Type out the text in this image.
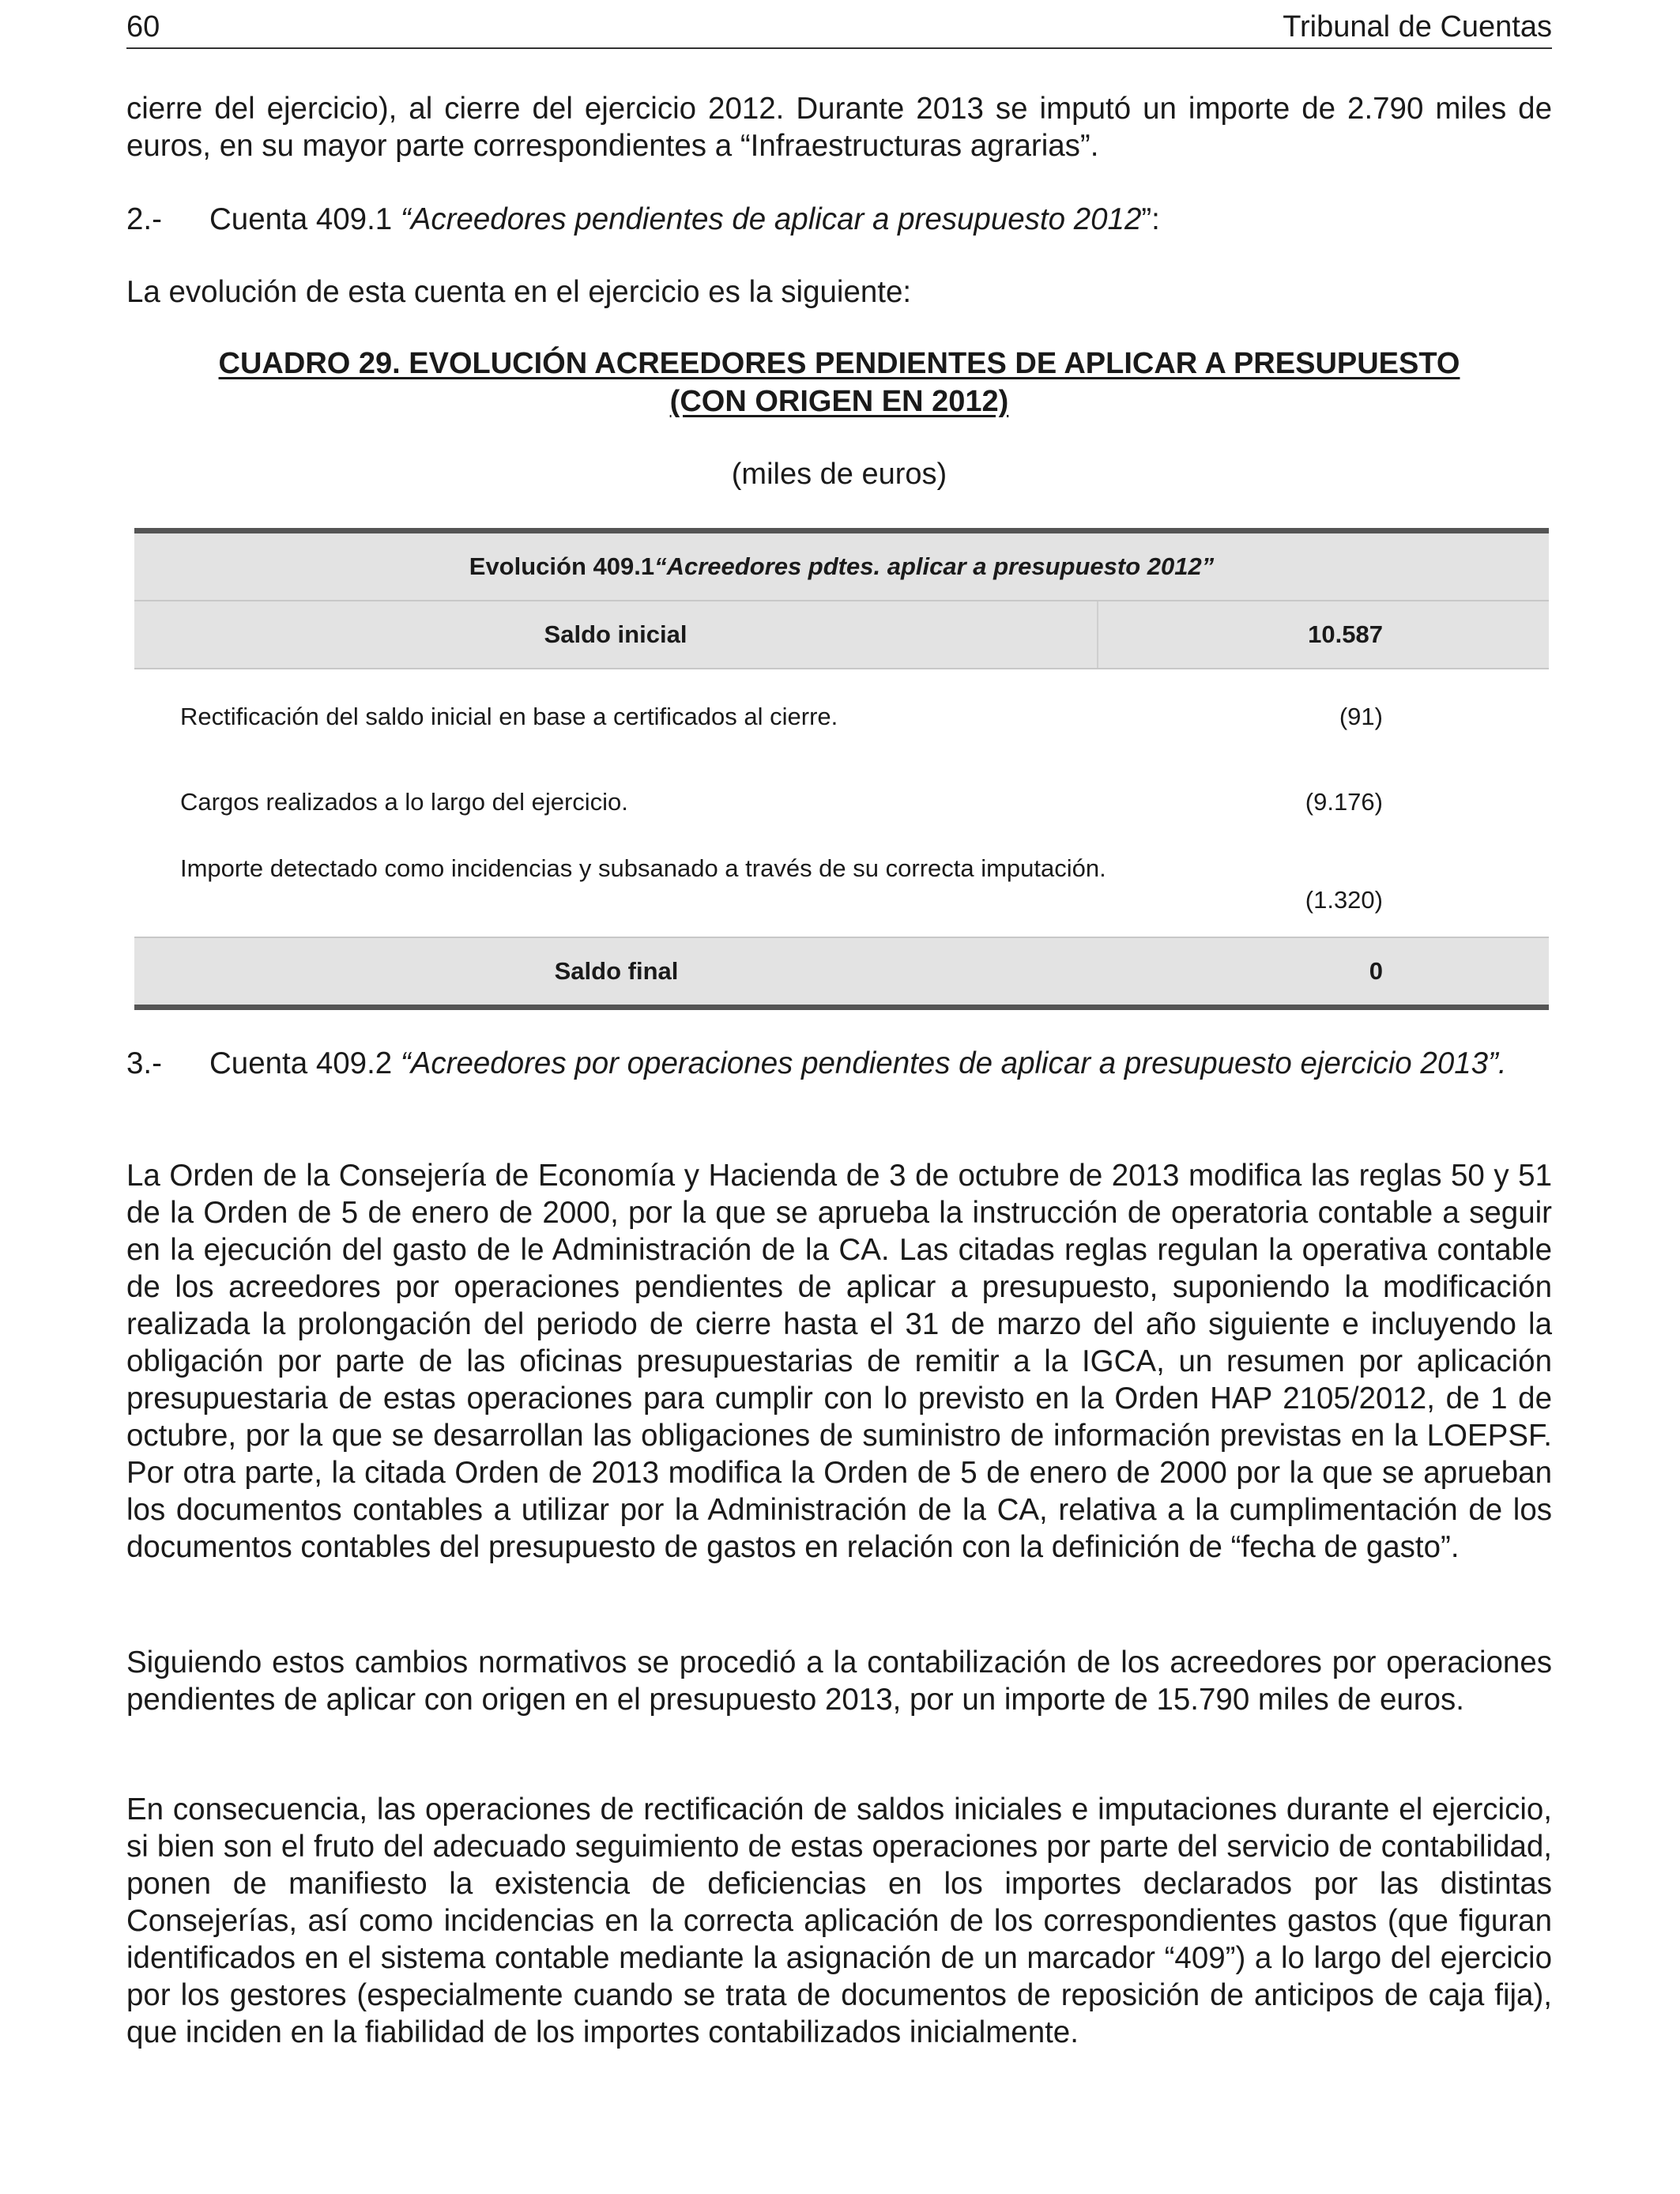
60	Tribunal de Cuentas
cierre del ejercicio), al cierre del ejercicio 2012. Durante 2013 se imputó un importe de 2.790 miles de euros, en su mayor parte correspondientes a “Infraestructuras agrarias”.
2.- Cuenta 409.1 “Acreedores pendientes de aplicar a presupuesto 2012”:
La evolución de esta cuenta en el ejercicio es la siguiente:
CUADRO 29. EVOLUCIÓN ACREEDORES PENDIENTES DE APLICAR A PRESUPUESTO
(CON ORIGEN EN 2012)
(miles de euros)
Evolución 409.1 “Acreedores pdtes. aplicar a presupuesto 2012”
Saldo inicial	10.587
Rectificación del saldo inicial en base a certificados al cierre.	(91)
Cargos realizados a lo largo del ejercicio.	(9.176)
Importe detectado como incidencias y subsanado a través de su correcta imputación.
(1.320)
Saldo final	0
3.- Cuenta 409.2 “Acreedores por operaciones pendientes de aplicar a presupuesto ejercicio 2013”.
La Orden de la Consejería de Economía y Hacienda de 3 de octubre de 2013 modifica las reglas 50 y 51 de la Orden de 5 de enero de 2000, por la que se aprueba la instrucción de operatoria contable a seguir en la ejecución del gasto de le Administración de la CA. Las citadas reglas regulan la operativa contable de los acreedores por operaciones pendientes de aplicar a presupuesto, suponiendo la modificación realizada la prolongación del periodo de cierre hasta el 31 de marzo del año siguiente e incluyendo la obligación por parte de las oficinas presupuestarias de remitir a la IGCA, un resumen por aplicación presupuestaria de estas operaciones para cumplir con lo previsto en la Orden HAP 2105/2012, de 1 de octubre, por la que se desarrollan las obligaciones de suministro de información previstas en la LOEPSF. Por otra parte, la citada Orden de 2013 modifica la Orden de 5 de enero de 2000 por la que se aprueban los documentos contables a utilizar por la Administración de la CA, relativa a la cumplimentación de los documentos contables del presupuesto de gastos en relación con la definición de “fecha de gasto”.
Siguiendo estos cambios normativos se procedió a la contabilización de los acreedores por operaciones pendientes de aplicar con origen en el presupuesto 2013, por un importe de 15.790 miles de euros.
En consecuencia, las operaciones de rectificación de saldos iniciales e imputaciones durante el ejercicio, si bien son el fruto del adecuado seguimiento de estas operaciones por parte del servicio de contabilidad, ponen de manifiesto la existencia de deficiencias en los importes declarados por las distintas Consejerías, así como incidencias en la correcta aplicación de los correspondientes gastos (que figuran identificados en el sistema contable mediante la asignación de un marcador “409”) a lo largo del ejercicio por los gestores (especialmente cuando se trata de documentos de reposición de anticipos de caja fija), que inciden en la fiabilidad de los importes contabilizados inicialmente.
